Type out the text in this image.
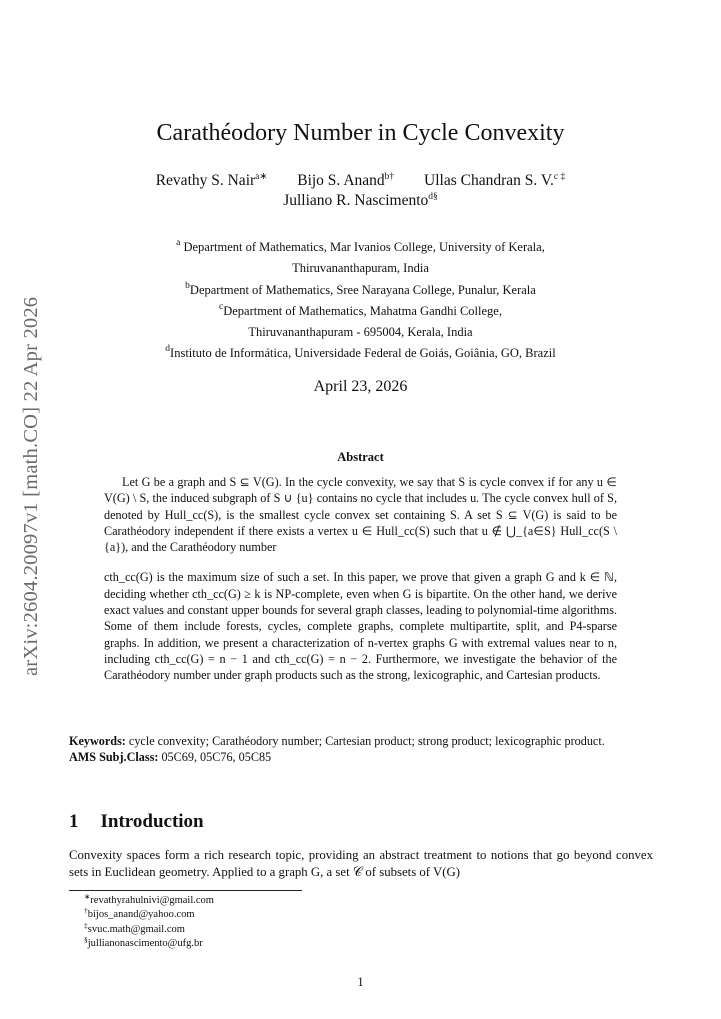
arXiv:2604.20097v1 [math.CO] 22 Apr 2026
Carathéodory Number in Cycle Convexity
Revathy S. Nair$^{a∗}$ Bijo S. Anand$^{b\dagger}$ Ullas Chandran S. V.$^{c \ddagger}$
Julliano R. Nascimento$^{d\S}$
$^a$ Department of Mathematics, Mar Ivanios College, University of Kerala,
Thiruvananthapuram, India
$^b$Department of Mathematics, Sree Narayana College, Punalur, Kerala
$^c$Department of Mathematics, Mahatma Gandhi College,
Thiruvananthapuram - 695004, Kerala, India
$^d$Instituto de Informática, Universidade Federal de Goiás, Goiânia, GO, Brazil
April 23, 2026
Abstract

Let G be a graph and S ⊆ V(G). In the cycle convexity, we say that S is cycle convex if for any u ∈ V(G) \ S, the induced subgraph of S ∪ {u} contains no cycle that includes u. The cycle convex hull of S, denoted by Hull_cc(S), is the smallest cycle convex set containing S. A set S ⊆ V(G) is said to be Carathéodory independent if there exists a vertex u ∈ Hull_cc(S) such that u ∉ ⋃_{a∈S} Hull_cc(S \ {a}), and the Carathéodory number

cth_cc(G) is the maximum size of such a set. In this paper, we prove that given a graph G and k ∈ ℕ, deciding whether cth_cc(G) ≥ k is NP-complete, even when G is bipartite. On the other hand, we derive exact values and constant upper bounds for several graph classes, leading to polynomial-time algorithms. Some of them include forests, cycles, complete graphs, complete multipartite, split, and P4-sparse graphs. In addition, we present a characterization of n-vertex graphs G with extremal values near to n, including cth_cc(G) = n − 1 and cth_cc(G) = n − 2. Furthermore, we investigate the behavior of the Carathéodory number under graph products such as the strong, lexicographic, and Cartesian products.

Keywords: cycle convexity; Carathéodory number; Cartesian product; strong product; lexicographic product.
AMS Subj.Class: 05C69, 05C76, 05C85
1 Introduction
Convexity spaces form a rich research topic, providing an abstract treatment to notions that go beyond convex sets in Euclidean geometry. Applied to a graph G, a set 𝒞 of subsets of V(G)
∗revathyrahulnivi@gmail.com
†bijos_anand@yahoo.com
‡svuc.math@gmail.com
§jullianonascimento@ufg.br
1
